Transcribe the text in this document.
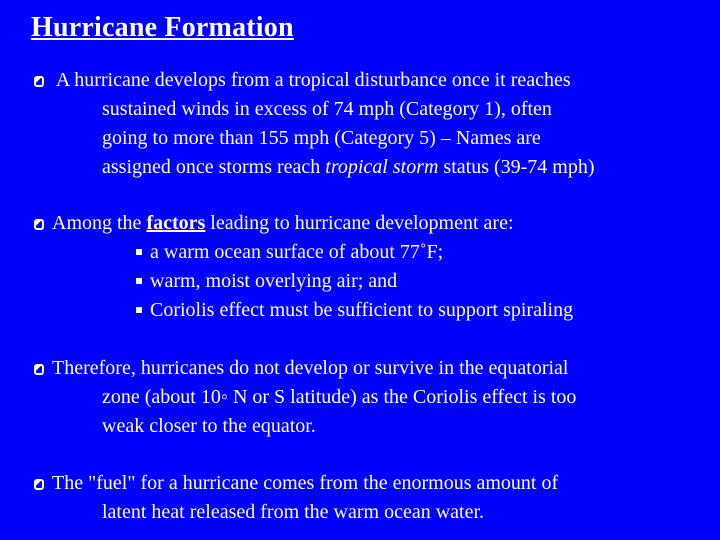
Hurricane Formation
A hurricane develops from a tropical disturbance once it reaches
sustained winds in excess of 74 mph (Category 1), often
going to more than 155 mph (Category 5) – Names are
assigned once storms reach tropical storm status (39-74 mph)
Among the factors leading to hurricane development are:
a warm ocean surface of about 77˚F;
warm, moist overlying air; and
Coriolis effect must be sufficient to support spiraling
Therefore, hurricanes do not develop or survive in the equatorial
zone (about 10◦ N or S latitude) as the Coriolis effect is too
weak closer to the equator.
The "fuel" for a hurricane comes from the enormous amount of
latent heat released from the warm ocean water.
